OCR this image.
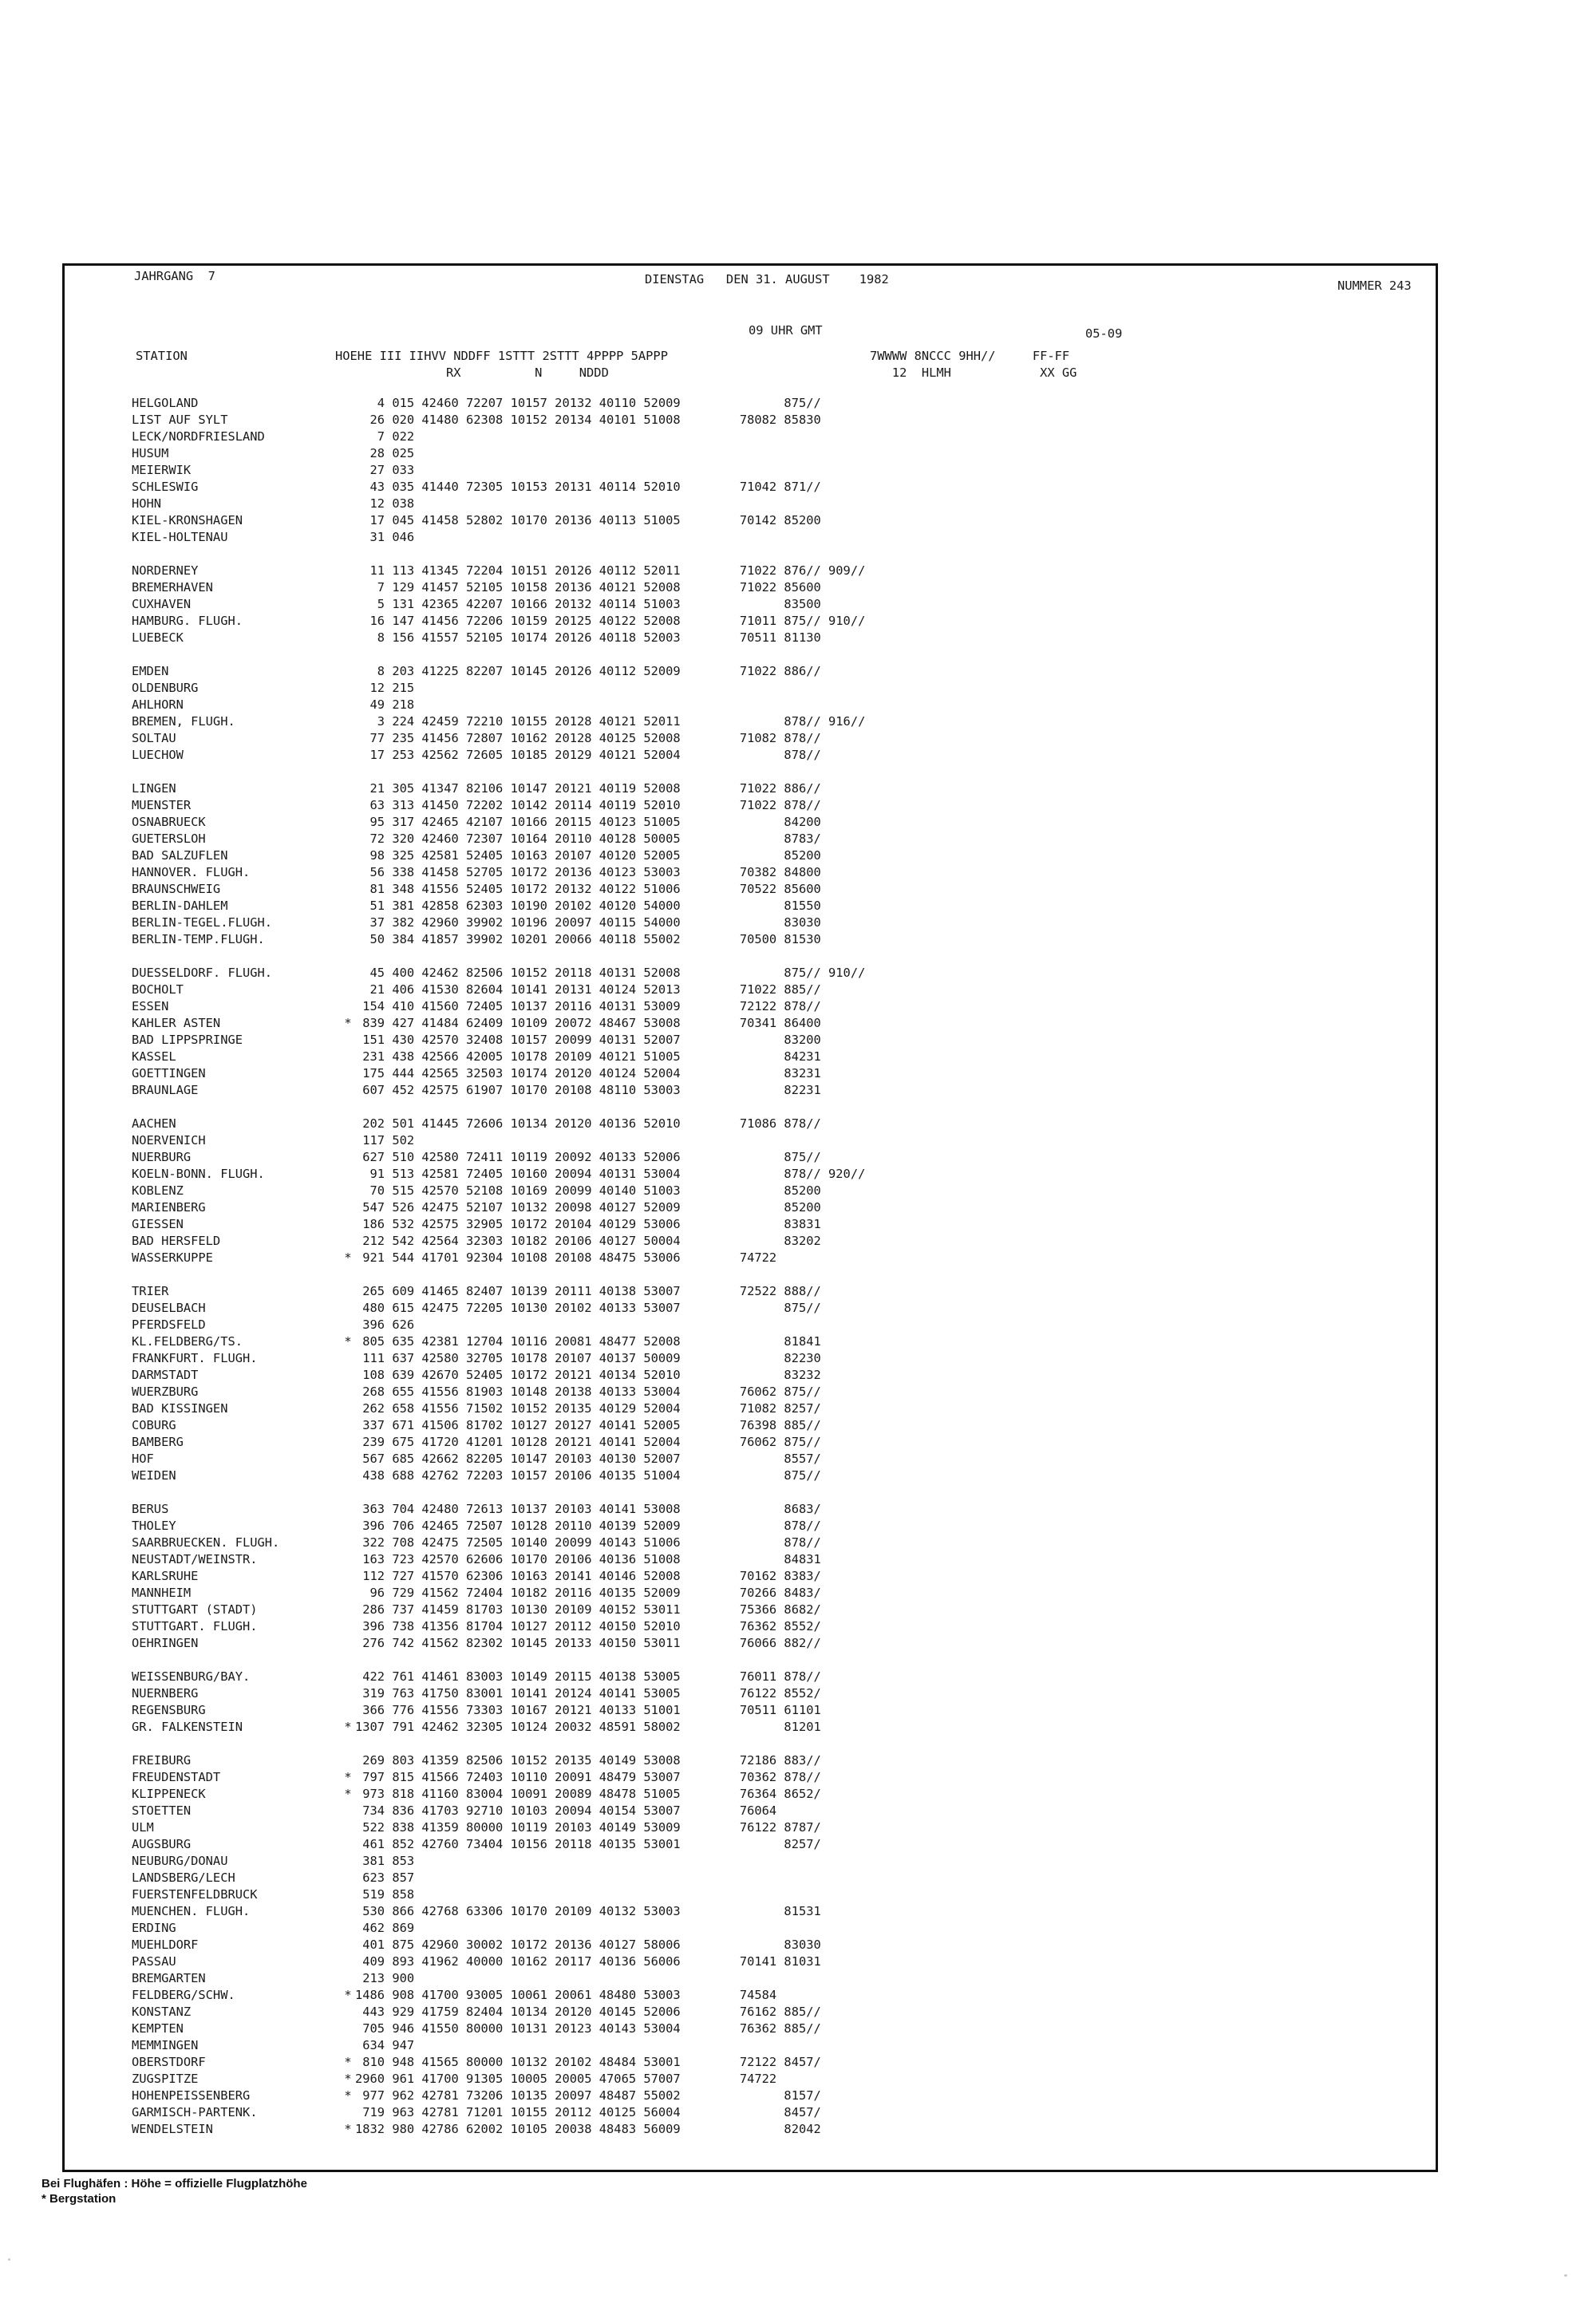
JAHRGANG  7	DIENSTAG   DEN 31. AUGUST    1982	NUMMER 243
09 UHR GMT	05-09
STATION	HOEHE III IIHVV NDDFF 1STTT 2STTT 4PPPP 5APPP
RX          N     NDDD
7WWWW 8NCCC 9HH//     FF-FF
12  HLMH            XX GG
HELGOLAND	4 015 42460 72207 10157 20132 40110 52009              875//
LIST AUF SYLT	26 020 41480 62308 10152 20134 40101 51008        78082 85830
LECK/NORDFRIESLAND	7 022
HUSUM	28 025
MEIERWIK	27 033
SCHLESWIG	43 035 41440 72305 10153 20131 40114 52010        71042 871//
HOHN	12 038
KIEL-KRONSHAGEN	17 045 41458 52802 10170 20136 40113 51005        70142 85200
KIEL-HOLTENAU	31 046
NORDERNEY	11 113 41345 72204 10151 20126 40112 52011        71022 876// 909//
BREMERHAVEN	7 129 41457 52105 10158 20136 40121 52008        71022 85600
CUXHAVEN	5 131 42365 42207 10166 20132 40114 51003              83500
HAMBURG. FLUGH.	16 147 41456 72206 10159 20125 40122 52008        71011 875// 910//
LUEBECK	8 156 41557 52105 10174 20126 40118 52003        70511 81130
EMDEN	8 203 41225 82207 10145 20126 40112 52009        71022 886//
OLDENBURG	12 215
AHLHORN	49 218
BREMEN, FLUGH.	3 224 42459 72210 10155 20128 40121 52011              878// 916//
SOLTAU	77 235 41456 72807 10162 20128 40125 52008        71082 878//
LUECHOW	17 253 42562 72605 10185 20129 40121 52004              878//
LINGEN	21 305 41347 82106 10147 20121 40119 52008        71022 886//
MUENSTER	63 313 41450 72202 10142 20114 40119 52010        71022 878//
OSNABRUECK	95 317 42465 42107 10166 20115 40123 51005              84200
GUETERSLOH	72 320 42460 72307 10164 20110 40128 50005              8783/
BAD SALZUFLEN	98 325 42581 52405 10163 20107 40120 52005              85200
HANNOVER. FLUGH.	56 338 41458 52705 10172 20136 40123 53003        70382 84800
BRAUNSCHWEIG	81 348 41556 52405 10172 20132 40122 51006        70522 85600
BERLIN-DAHLEM	51 381 42858 62303 10190 20102 40120 54000              81550
BERLIN-TEGEL.FLUGH.	37 382 42960 39902 10196 20097 40115 54000              83030
BERLIN-TEMP.FLUGH.	50 384 41857 39902 10201 20066 40118 55002        70500 81530
DUESSELDORF. FLUGH.	45 400 42462 82506 10152 20118 40131 52008              875// 910//
BOCHOLT	21 406 41530 82604 10141 20131 40124 52013        71022 885//
ESSEN	154 410 41560 72405 10137 20116 40131 53009        72122 878//
KAHLER ASTEN	* 839 427 41484 62409 10109 20072 48467 53008        70341 86400
BAD LIPPSPRINGE	151 430 42570 32408 10157 20099 40131 52007              83200
KASSEL	231 438 42566 42005 10178 20109 40121 51005              84231
GOETTINGEN	175 444 42565 32503 10174 20120 40124 52004              83231
BRAUNLAGE	607 452 42575 61907 10170 20108 48110 53003              82231
AACHEN	202 501 41445 72606 10134 20120 40136 52010        71086 878//
NOERVENICH	117 502
NUERBURG	627 510 42580 72411 10119 20092 40133 52006              875//
KOELN-BONN. FLUGH.	91 513 42581 72405 10160 20094 40131 53004              878// 920//
KOBLENZ	70 515 42570 52108 10169 20099 40140 51003              85200
MARIENBERG	547 526 42475 52107 10132 20098 40127 52009              85200
GIESSEN	186 532 42575 32905 10172 20104 40129 53006              83831
BAD HERSFELD	212 542 42564 32303 10182 20106 40127 50004              83202
WASSERKUPPE	* 921 544 41701 92304 10108 20108 48475 53006        74722
TRIER	265 609 41465 82407 10139 20111 40138 53007        72522 888//
DEUSELBACH	480 615 42475 72205 10130 20102 40133 53007              875//
PFERDSFELD	396 626
KL.FELDBERG/TS.	* 805 635 42381 12704 10116 20081 48477 52008              81841
FRANKFURT. FLUGH.	111 637 42580 32705 10178 20107 40137 50009              82230
DARMSTADT	108 639 42670 52405 10172 20121 40134 52010              83232
WUERZBURG	268 655 41556 81903 10148 20138 40133 53004        76062 875//
BAD KISSINGEN	262 658 41556 71502 10152 20135 40129 52004        71082 8257/
COBURG	337 671 41506 81702 10127 20127 40141 52005        76398 885//
BAMBERG	239 675 41720 41201 10128 20121 40141 52004        76062 875//
HOF	567 685 42662 82205 10147 20103 40130 52007              8557/
WEIDEN	438 688 42762 72203 10157 20106 40135 51004              875//
BERUS	363 704 42480 72613 10137 20103 40141 53008              8683/
THOLEY	396 706 42465 72507 10128 20110 40139 52009              878//
SAARBRUECKEN. FLUGH.	322 708 42475 72505 10140 20099 40143 51006              878//
NEUSTADT/WEINSTR.	163 723 42570 62606 10170 20106 40136 51008              84831
KARLSRUHE	112 727 41570 62306 10163 20141 40146 52008        70162 8383/
MANNHEIM	96 729 41562 72404 10182 20116 40135 52009        70266 8483/
STUTTGART (STADT)	286 737 41459 81703 10130 20109 40152 53011        75366 8682/
STUTTGART. FLUGH.	396 738 41356 81704 10127 20112 40150 52010        76362 8552/
OEHRINGEN	276 742 41562 82302 10145 20133 40150 53011        76066 882//
WEISSENBURG/BAY.	422 761 41461 83003 10149 20115 40138 53005        76011 878//
NUERNBERG	319 763 41750 83001 10141 20124 40141 53005        76122 8552/
REGENSBURG	366 776 41556 73303 10167 20121 40133 51001        70511 61101
GR. FALKENSTEIN	* 1307 791 42462 32305 10124 20032 48591 58002              81201
FREIBURG	269 803 41359 82506 10152 20135 40149 53008        72186 883//
FREUDENSTADT	* 797 815 41566 72403 10110 20091 48479 53007        70362 878//
KLIPPENECK	* 973 818 41160 83004 10091 20089 48478 51005        76364 8652/
STOETTEN	734 836 41703 92710 10103 20094 40154 53007        76064
ULM	522 838 41359 80000 10119 20103 40149 53009        76122 8787/
AUGSBURG	461 852 42760 73404 10156 20118 40135 53001              8257/
NEUBURG/DONAU	381 853
LANDSBERG/LECH	623 857
FUERSTENFELDBRUCK	519 858
MUENCHEN. FLUGH.	530 866 42768 63306 10170 20109 40132 53003              81531
ERDING	462 869
MUEHLDORF	401 875 42960 30002 10172 20136 40127 58006              83030
PASSAU	409 893 41962 40000 10162 20117 40136 56006        70141 81031
BREMGARTEN	213 900
FELDBERG/SCHW.	* 1486 908 41700 93005 10061 20061 48480 53003        74584
KONSTANZ	443 929 41759 82404 10134 20120 40145 52006        76162 885//
KEMPTEN	705 946 41550 80000 10131 20123 40143 53004        76362 885//
MEMMINGEN	634 947
OBERSTDORF	* 810 948 41565 80000 10132 20102 48484 53001        72122 8457/
ZUGSPITZE	* 2960 961 41700 91305 10005 20005 47065 57007        74722
HOHENPEISSENBERG	* 977 962 42781 73206 10135 20097 48487 55002              8157/
GARMISCH-PARTENK.	719 963 42781 71201 10155 20112 40125 56004              8457/
WENDELSTEIN	* 1832 980 42786 62002 10105 20038 48483 56009              82042
Bei Flughäfen : Höhe = offizielle Flugplatzhöhe
* Bergstation
